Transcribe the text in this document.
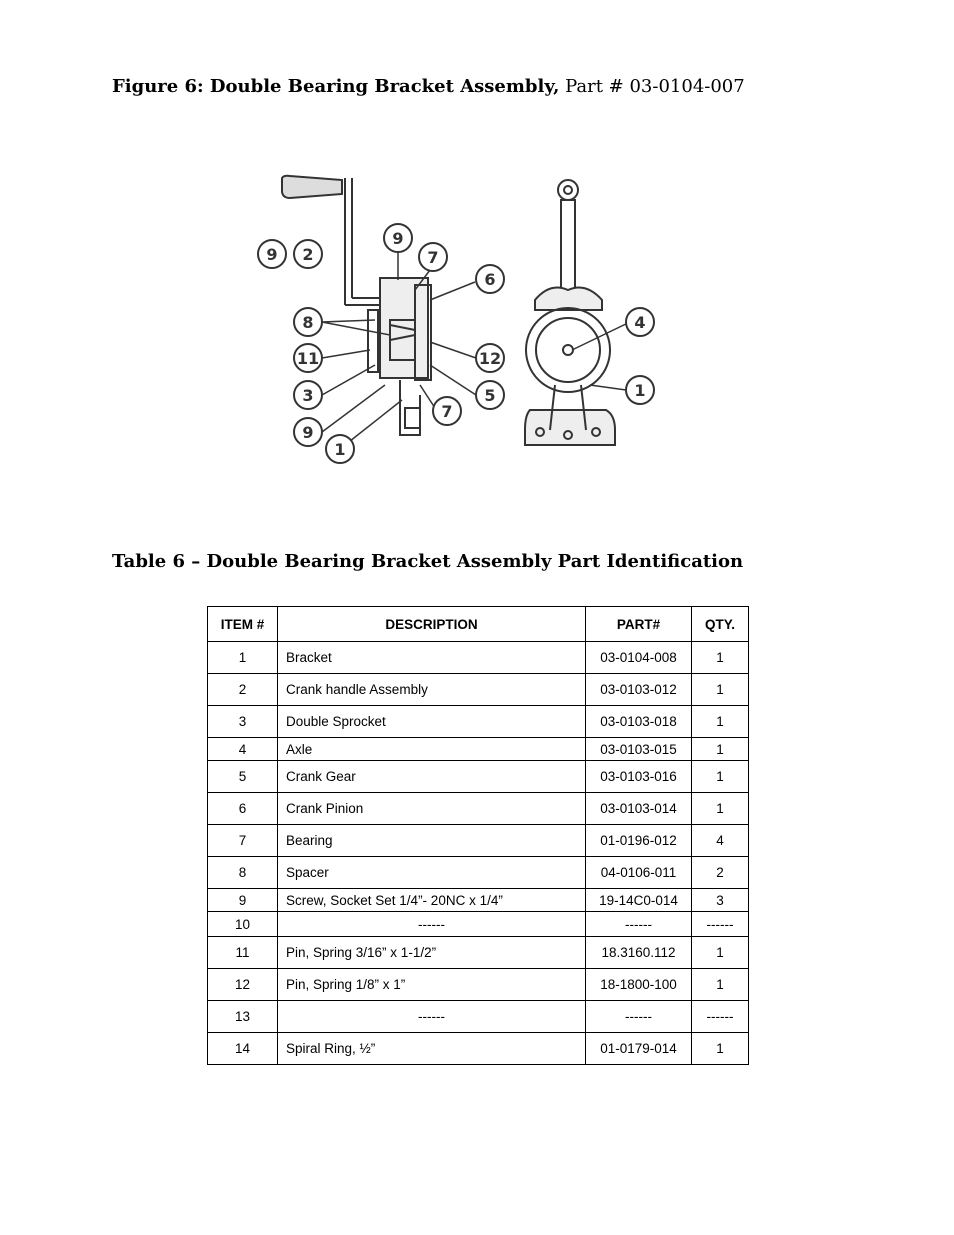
Figure 6: Double Bearing Bracket Assembly, Part # 03-0104-007
9 2
9
7
6
8
11
3
9
1
7
5
12
4
1
Table 6 – Double Bearing Bracket Assembly Part Identification
ITEM #	DESCRIPTION	PART#	QTY.
1	Bracket	03-0104-008	1
2	Crank handle Assembly	03-0103-012	1
3	Double Sprocket	03-0103-018	1
4	Axle	03-0103-015	1
5	Crank Gear	03-0103-016	1
6	Crank Pinion	03-0103-014	1
7	Bearing	01-0196-012	4
8	Spacer	04-0106-011	2
9	Screw, Socket Set 1/4”- 20NC x 1/4”	19-14C0-014	3
10	------	------	------
11	Pin, Spring 3/16” x 1-1/2”	18.3160.112	1
12	Pin, Spring 1/8” x 1”	18-1800-100	1
13	------	------	------
14	Spiral Ring, ½”	01-0179-014	1
